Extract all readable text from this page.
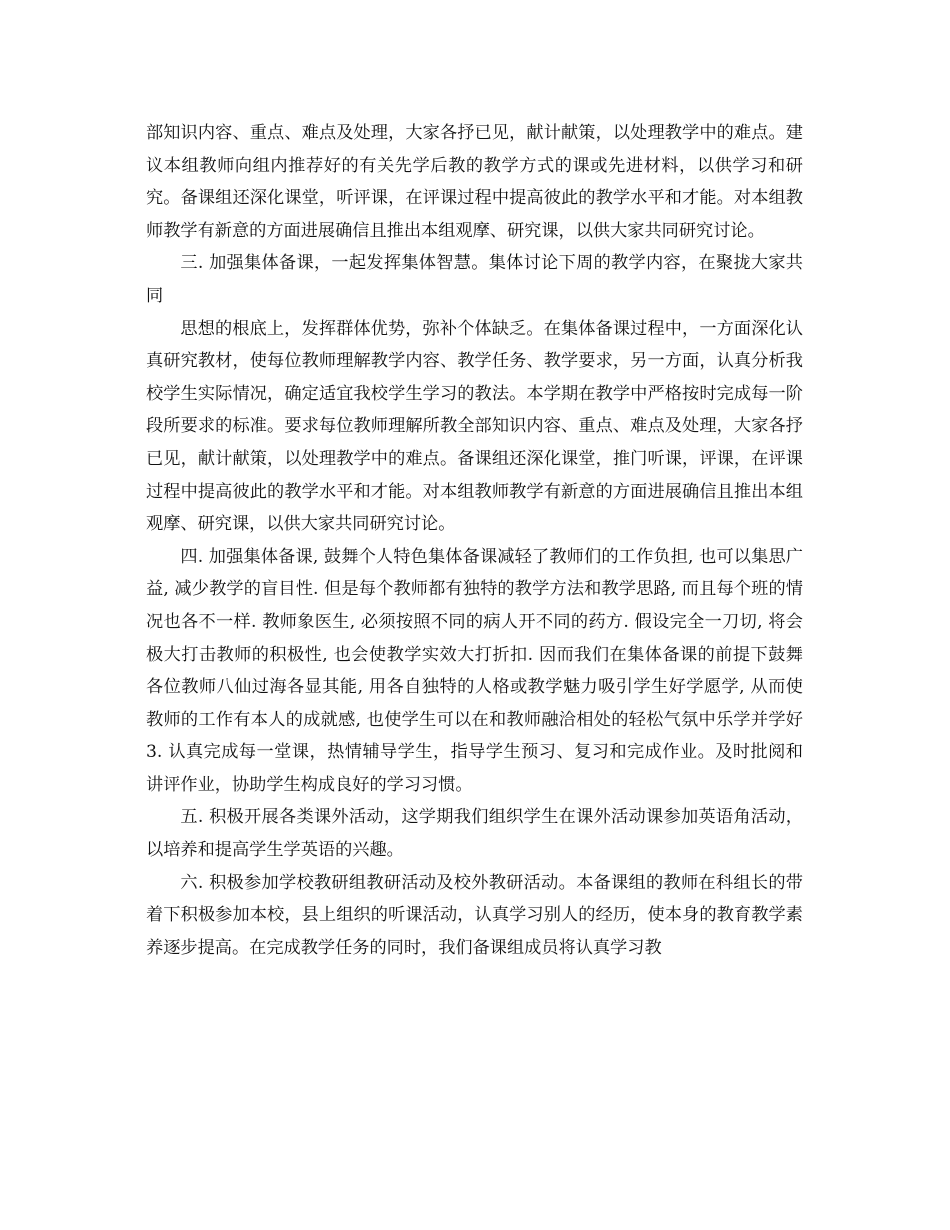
部知识内容、重点、难点及处理，大家各抒已见，献计献策，以处理教学中的难点。建议本组教师向组内推荐好的有关先学后教的教学方式的课或先进材料，以供学习和研究。备课组还深化课堂，听评课，在评课过程中提高彼此的教学水平和才能。对本组教师教学有新意的方面进展确信且推出本组观摩、研究课，以供大家共同研究讨论。

三. 加强集体备课，一起发挥集体智慧。集体讨论下周的教学内容，在聚拢大家共同

思想的根底上，发挥群体优势，弥补个体缺乏。在集体备课过程中，一方面深化认真研究教材，使每位教师理解教学内容、教学任务、教学要求，另一方面，认真分析我校学生实际情况，确定适宜我校学生学习的教法。本学期在教学中严格按时完成每一阶段所要求的标准。要求每位教师理解所教全部知识内容、重点、难点及处理，大家各抒已见，献计献策，以处理教学中的难点。备课组还深化课堂，推门听课，评课，在评课过程中提高彼此的教学水平和才能。对本组教师教学有新意的方面进展确信且推出本组观摩、研究课，以供大家共同研究讨论。

四. 加强集体备课, 鼓舞个人特色集体备课减轻了教师们的工作负担, 也可以集思广益, 减少教学的盲目性. 但是每个教师都有独特的教学方法和教学思路, 而且每个班的情况也各不一样. 教师象医生, 必须按照不同的病人开不同的药方. 假设完全一刀切, 将会极大打击教师的积极性, 也会使教学实效大打折扣. 因而我们在集体备课的前提下鼓舞各位教师八仙过海各显其能, 用各自独特的人格或教学魅力吸引学生好学愿学, 从而使教师的工作有本人的成就感, 也使学生可以在和教师融洽相处的轻松气氛中乐学并学好 3. 认真完成每一堂课，热情辅导学生，指导学生预习、复习和完成作业。及时批阅和讲评作业，协助学生构成良好的学习习惯。

五. 积极开展各类课外活动，这学期我们组织学生在课外活动课参加英语角活动，以培养和提高学生学英语的兴趣。

六. 积极参加学校教研组教研活动及校外教研活动。本备课组的教师在科组长的带着下积极参加本校，县上组织的听课活动，认真学习别人的经历，使本身的教育教学素养逐步提高。在完成教学任务的同时，我们备课组成员将认真学习教
